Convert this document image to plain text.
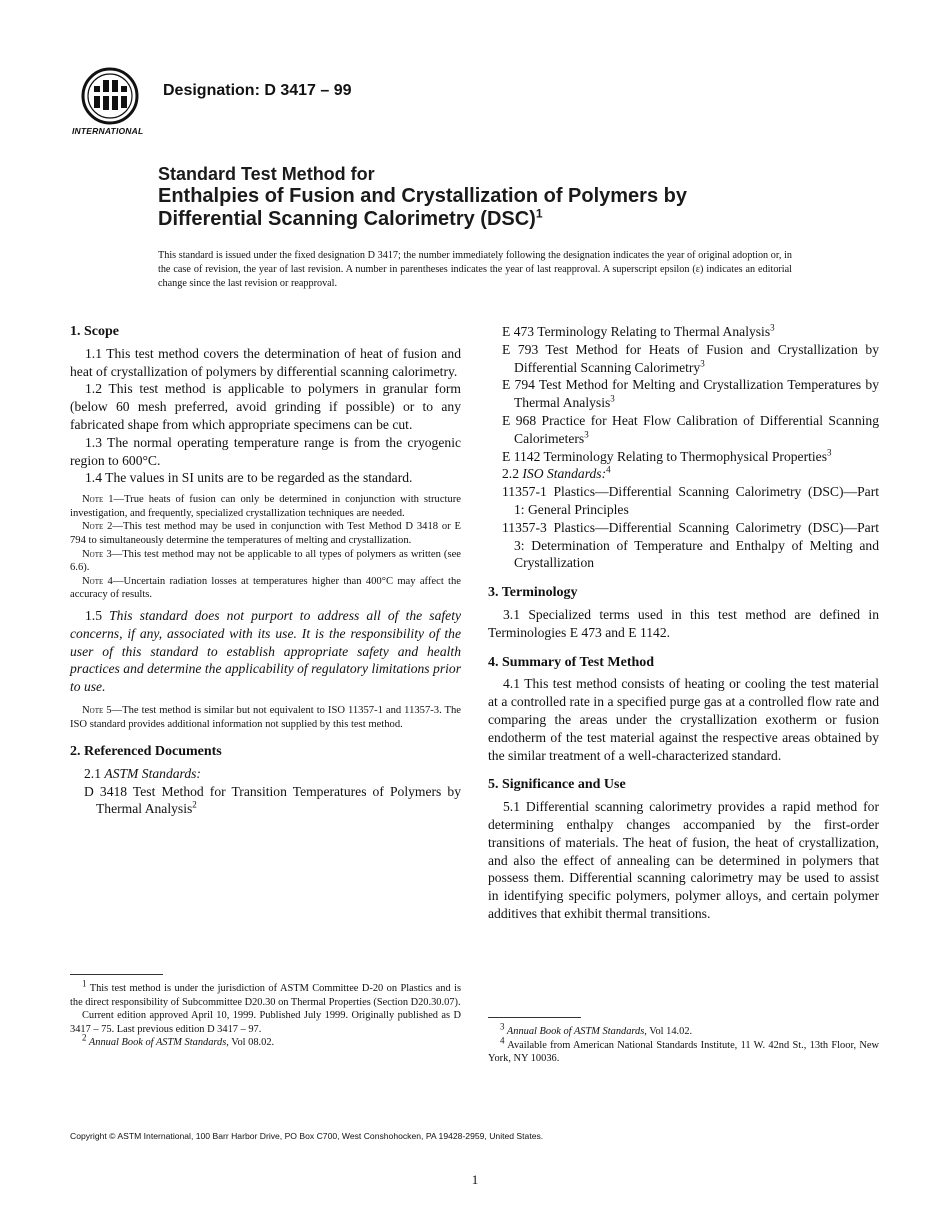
INTERNATIONAL
Designation: D 3417 – 99
Standard Test Method for
Enthalpies of Fusion and Crystallization of Polymers by
Differential Scanning Calorimetry (DSC)$^1$
This standard is issued under the fixed designation D 3417; the number immediately following the designation indicates the year of original adoption or, in the case of revision, the year of last revision. A number in parentheses indicates the year of last reapproval. A superscript epsilon (ε) indicates an editorial change since the last revision or reapproval.
1. Scope

1.1 This test method covers the determination of heat of fusion and heat of crystallization of polymers by differential scanning calorimetry.

1.2 This test method is applicable to polymers in granular form (below 60 mesh preferred, avoid grinding if possible) or to any fabricated shape from which appropriate specimens can be cut.

1.3 The normal operating temperature range is from the cryogenic region to 600°C.

1.4 The values in SI units are to be regarded as the standard.

Note 1—True heats of fusion can only be determined in conjunction with structure investigation, and frequently, specialized crystallization techniques are needed.

Note 2—This test method may be used in conjunction with Test Method D 3418 or E 794 to simultaneously determine the temperatures of melting and crystallization.

Note 3—This test method may not be applicable to all types of polymers as written (see 6.6).

Note 4—Uncertain radiation losses at temperatures higher than 400°C may affect the accuracy of results.

1.5 This standard does not purport to address all of the safety concerns, if any, associated with its use. It is the responsibility of the user of this standard to establish appropriate safety and health practices and determine the applicability of regulatory limitations prior to use.

Note 5—The test method is similar but not equivalent to ISO 11357-1 and 11357-3. The ISO standard provides additional information not supplied by this test method.

2. Referenced Documents

2.1 ASTM Standards:

D 3418 Test Method for Transition Temperatures of Polymers by Thermal Analysis$^2$

E 473 Terminology Relating to Thermal Analysis$^3$

E 793 Test Method for Heats of Fusion and Crystallization by Differential Scanning Calorimetry$^3$

E 794 Test Method for Melting and Crystallization Temperatures by Thermal Analysis$^3$

E 968 Practice for Heat Flow Calibration of Differential Scanning Calorimeters$^3$

E 1142 Terminology Relating to Thermophysical Properties$^3$

2.2 ISO Standards:$^4$

11357-1 Plastics—Differential Scanning Calorimetry (DSC)—Part 1: General Principles

11357-3 Plastics—Differential Scanning Calorimetry (DSC)—Part 3: Determination of Temperature and Enthalpy of Melting and Crystallization

3. Terminology

3.1 Specialized terms used in this test method are defined in Terminologies E 473 and E 1142.

4. Summary of Test Method

4.1 This test method consists of heating or cooling the test material at a controlled rate in a specified purge gas at a controlled flow rate and comparing the areas under the crystallization exotherm or fusion endotherm of the test material against the respective areas obtained by the similar treatment of a well-characterized standard.

5. Significance and Use

5.1 Differential scanning calorimetry provides a rapid method for determining enthalpy changes accompanied by the first-order transitions of materials. The heat of fusion, the heat of crystallization, and also the effect of annealing can be determined in polymers that possess them. Differential scanning calorimetry may be used to assist in identifying specific polymers, polymer alloys, and certain polymer additives that exhibit thermal transitions.

$^1$ This test method is under the jurisdiction of ASTM Committee D-20 on Plastics and is the direct responsibility of Subcommittee D20.30 on Thermal Properties (Section D20.30.07).

Current edition approved April 10, 1999. Published July 1999. Originally published as D 3417 – 75. Last previous edition D 3417 – 97.

$^2$ Annual Book of ASTM Standards, Vol 08.02.

$^3$ Annual Book of ASTM Standards, Vol 14.02.

$^4$ Available from American National Standards Institute, 11 W. 42nd St., 13th Floor, New York, NY 10036.

Copyright © ASTM International, 100 Barr Harbor Drive, PO Box C700, West Conshohocken, PA 19428-2959, United States.
1
